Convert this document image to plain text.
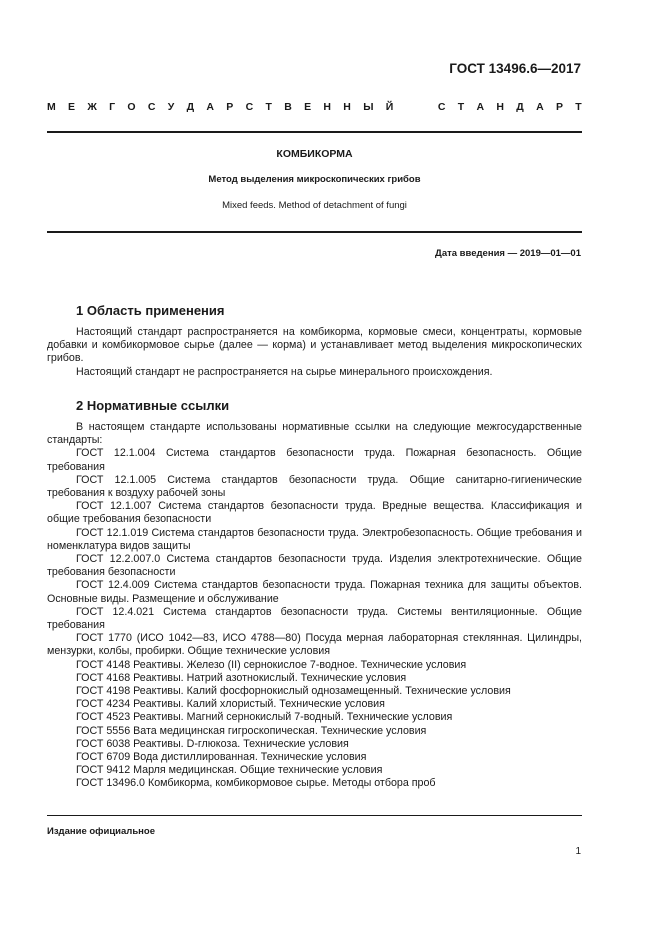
ГОСТ 13496.6—2017
М Е Ж Г О С У Д А Р С Т В Е Н Н Ы Й	С Т А Н Д А Р Т
КОМБИКОРМА
Метод выделения микроскопических грибов
Mixed feeds. Method of detachment of fungi
Дата введения — 2019—01—01
1 Область применения

Настоящий стандарт распространяется на комбикорма, кормовые смеси, концентраты, кормовые добавки и комбикормовое сырье (далее — корма) и устанавливает метод выделения микроскопических грибов.

Настоящий стандарт не распространяется на сырье минерального происхождения.

2 Нормативные ссылки

В настоящем стандарте использованы нормативные ссылки на следующие межгосударственные стандарты:

ГОСТ 12.1.004 Система стандартов безопасности труда. Пожарная безопасность. Общие требования

ГОСТ 12.1.005 Система стандартов безопасности труда. Общие санитарно-гигиенические требования к воздуху рабочей зоны

ГОСТ 12.1.007 Система стандартов безопасности труда. Вредные вещества. Классификация и общие требования безопасности

ГОСТ 12.1.019 Система стандартов безопасности труда. Электробезопасность. Общие требования и номенклатура видов защиты

ГОСТ 12.2.007.0 Система стандартов безопасности труда. Изделия электротехнические. Общие требования безопасности

ГОСТ 12.4.009 Система стандартов безопасности труда. Пожарная техника для защиты объектов. Основные виды. Размещение и обслуживание

ГОСТ 12.4.021 Система стандартов безопасности труда. Системы вентиляционные. Общие требования

ГОСТ 1770 (ИСО 1042—83, ИСО 4788—80) Посуда мерная лабораторная стеклянная. Цилиндры, мензурки, колбы, пробирки. Общие технические условия

ГОСТ 4148 Реактивы. Железо (II) сернокислое 7-водное. Технические условия

ГОСТ 4168 Реактивы. Натрий азотнокислый. Технические условия

ГОСТ 4198 Реактивы. Калий фосфорнокислый однозамещенный. Технические условия

ГОСТ 4234 Реактивы. Калий хлористый. Технические условия

ГОСТ 4523 Реактивы. Магний сернокислый 7-водный. Технические условия

ГОСТ 5556 Вата медицинская гигроскопическая. Технические условия

ГОСТ 6038 Реактивы. D-глюкоза. Технические условия

ГОСТ 6709 Вода дистиллированная. Технические условия

ГОСТ 9412 Марля медицинская. Общие технические условия

ГОСТ 13496.0 Комбикорма, комбикормовое сырье. Методы отбора проб

Издание официальное
1
